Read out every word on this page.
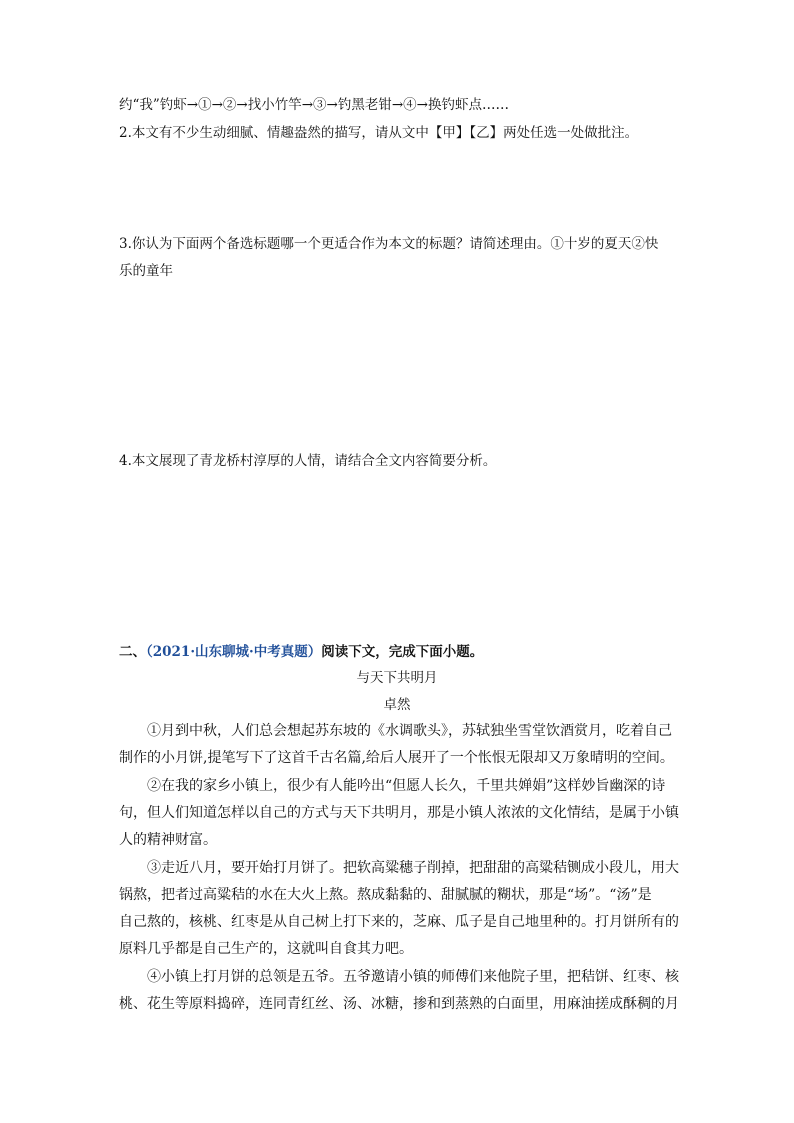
约“我”钓虾→①→②→找小竹竿→③→钓黑老钳→④→换钓虾点……
2.本文有不少生动细腻、情趣盎然的描写，请从文中【甲】【乙】两处任选一处做批注。
3.你认为下面两个备选标题哪一个更适合作为本文的标题？请简述理由。①十岁的夏天②快
乐的童年
4.本文展现了青龙桥村淳厚的人情，请结合全文内容简要分析。
二、（2021·山东聊城·中考真题）阅读下文，完成下面小题。
与天下共明月
卓然
①月到中秋，人们总会想起苏东坡的《水调歌头》，苏轼独坐雪堂饮酒赏月，吃着自己
制作的小月饼,提笔写下了这首千古名篇,给后人展开了一个怅恨无限却又万象晴明的空间。
②在我的家乡小镇上，很少有人能吟出“但愿人长久，千里共婵娟”这样妙旨幽深的诗
句，但人们知道怎样以自己的方式与天下共明月，那是小镇人浓浓的文化情结，是属于小镇
人的精神财富。
③走近八月，要开始打月饼了。把软高粱穗子削掉，把甜甜的高粱秸铡成小段儿，用大
锅熬，把者过高粱秸的水在大火上熬。熬成黏黏的、甜腻腻的糊状，那是“场”。“汤”是
自己熬的，核桃、红枣是从自己树上打下来的，芝麻、瓜子是自己地里种的。打月饼所有的
原料几乎都是自己生产的，这就叫自食其力吧。
④小镇上打月饼的总领是五爷。五爷邀请小镇的师傅们来他院子里，把秸饼、红枣、核
桃、花生等原料捣碎，连同青红丝、汤、冰糖，掺和到蒸熟的白面里，用麻油搓成酥稠的月
